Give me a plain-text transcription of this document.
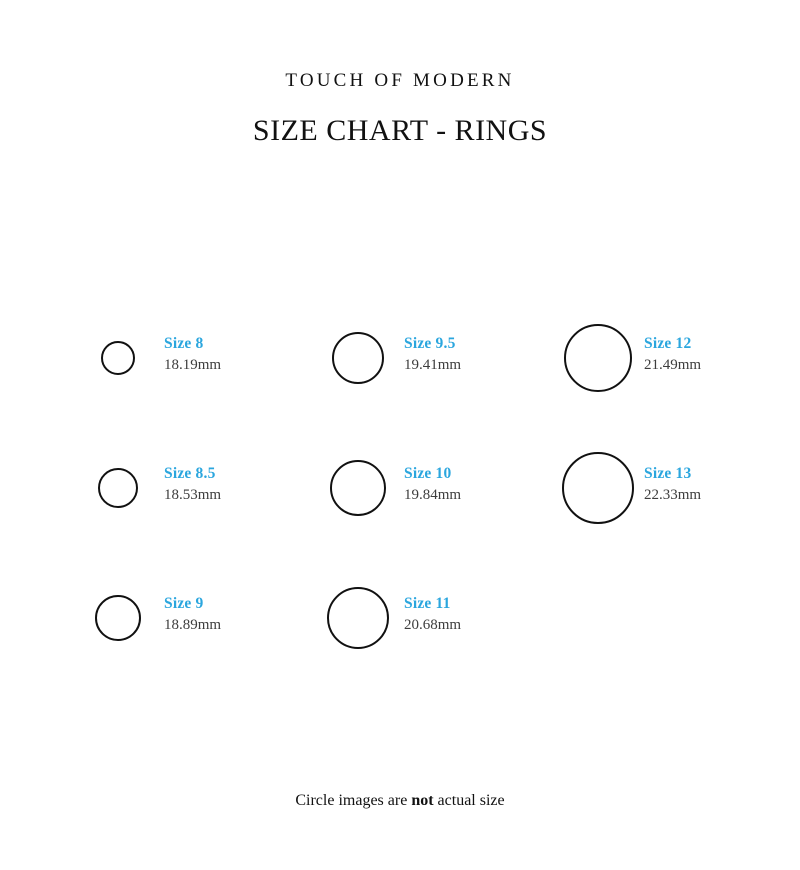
TOUCH OF MODERN
SIZE CHART - RINGS
Size 8
18.19mm
Size 9.5
19.41mm
Size 12
21.49mm
Size 8.5
18.53mm
Size 10
19.84mm
Size 13
22.33mm
Size 9
18.89mm
Size 11
20.68mm
Circle images are not actual size
